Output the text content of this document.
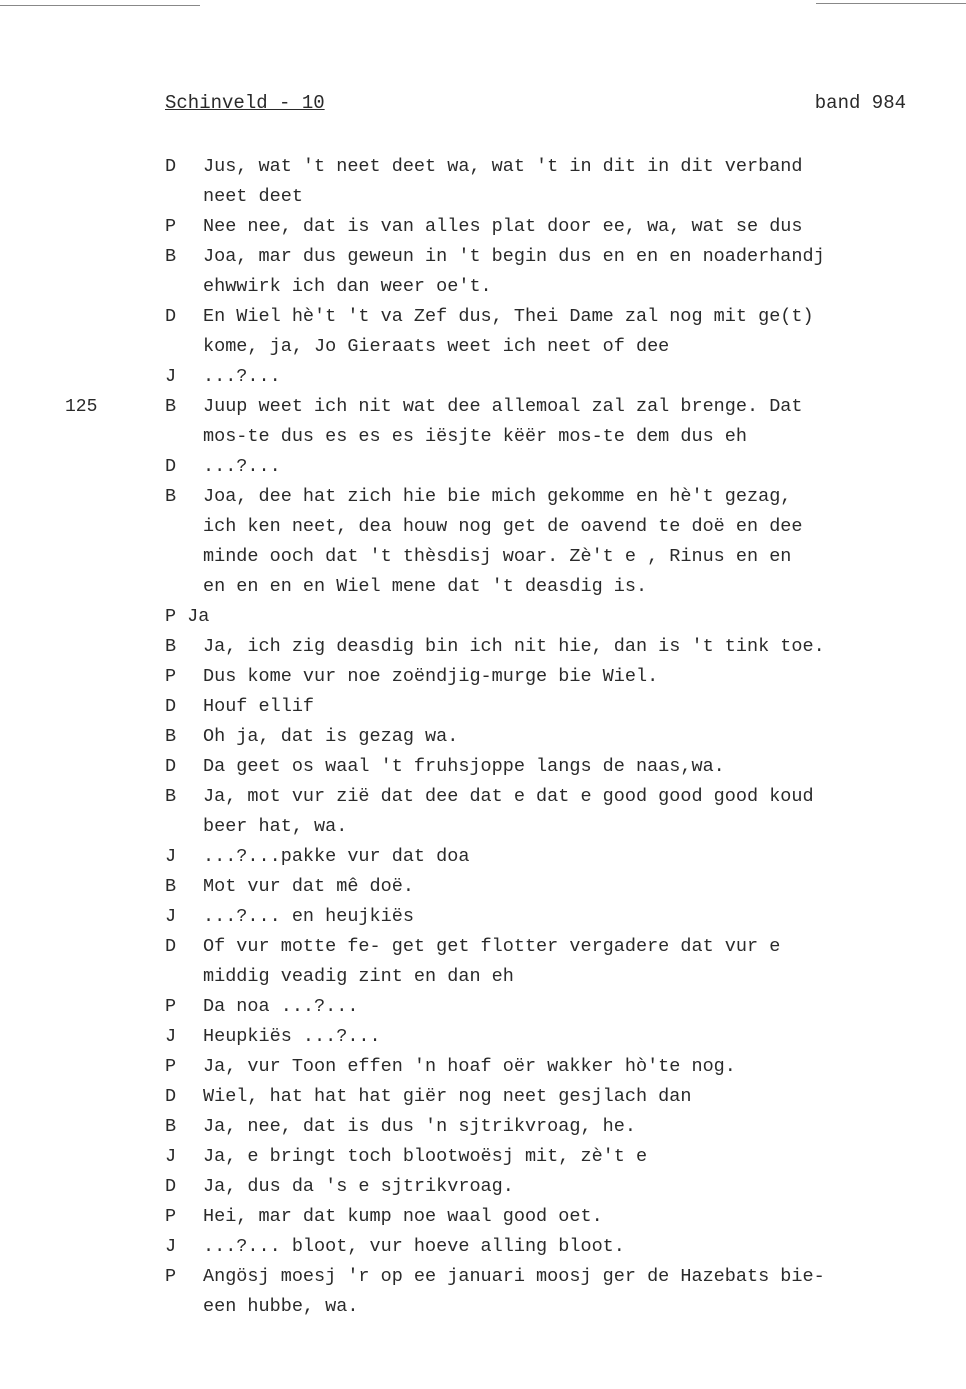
Schinveld - 10	band 984
D	Jus, wat 't neet deet wa, wat 't in dit in dit verband
neet deet
P	Nee nee, dat is van alles plat door ee, wa, wat se dus
B	Joa, mar dus geweun in 't begin dus en en en noaderhandj
ehwwirk ich dan weer oe't.
D	En Wiel hè't 't va Zef dus, Thei Dame zal nog mit ge(t)
kome, ja, Jo Gieraats weet ich neet of dee
J	...?...
125	B	Juup weet ich nit wat dee allemoal zal zal brenge. Dat
mos-te dus es es es iësjte këër mos-te dem dus eh
D	...?...
B	Joa, dee hat zich hie bie mich gekomme en hè't gezag,
ich ken neet, dea houw nog get de oavend te doë en dee
minde ooch dat 't thèsdisj woar. Zè't e , Rinus en en
en en en en Wiel mene dat 't deasdig is.
P Ja
B	Ja, ich zig deasdig bin ich nit hie, dan is 't tink toe.
P	Dus kome vur noe zoëndjig-murge bie Wiel.
D	Houf ellif
B	Oh ja, dat is gezag wa.
D	Da geet os waal 't fruhsjoppe langs de naas,wa.
B	Ja, mot vur zië dat dee dat e dat e good good good koud
beer hat, wa.
J	...?...pakke vur dat doa
B	Mot vur dat mê doë.
J	...?... en heujkiës
D	Of vur motte fe- get get flotter vergadere dat vur e
middig veadig zint en dan eh
P	Da noa ...?...
J	Heupkiës ...?...
P	Ja, vur Toon effen 'n hoaf oër wakker hò'te nog.
D	Wiel, hat hat hat giër nog neet gesjlach dan
B	Ja, nee, dat is dus 'n sjtrikvroag, he.
J	Ja, e bringt toch blootwoësj mit, zè't e
D	Ja, dus da 's e sjtrikvroag.
P	Hei, mar dat kump noe waal good oet.
J	...?... bloot, vur hoeve alling bloot.
P	Angösj moesj 'r op ee januari moosj ger de Hazebats bie-
een hubbe, wa.
